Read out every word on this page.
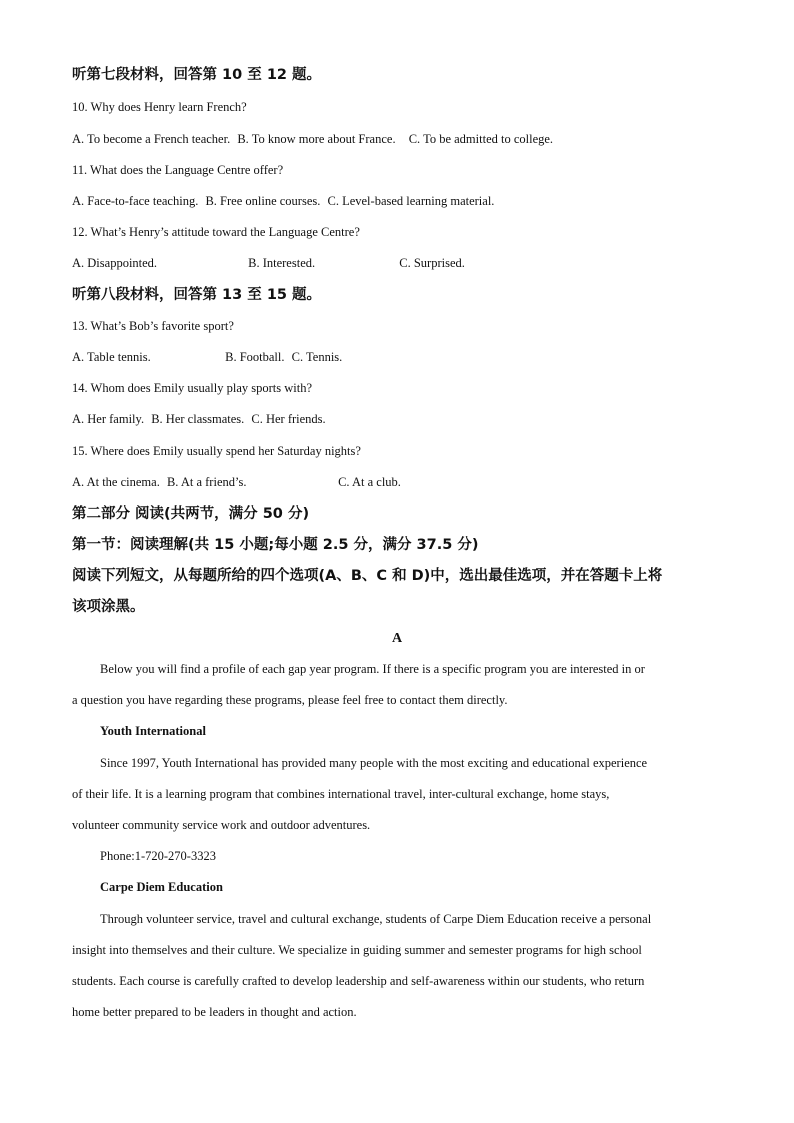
听第七段材料，回答第 10 至 12 题。
10. Why does Henry learn French?
A. To become a French teacher. B. To know more about France. C. To be admitted to college.
11. What does the Language Centre offer?
A. Face-to-face teaching. B. Free online courses. C. Level-based learning material.
12. What’s Henry’s attitude toward the Language Centre?
A. Disappointed.	B. Interested.	C. Surprised.
听第八段材料，回答第 13 至 15 题。
13. What’s Bob’s favorite sport?
A. Table tennis.	B. Football. C. Tennis.
14. Whom does Emily usually play sports with?
A. Her family. B. Her classmates. C. Her friends.
15. Where does Emily usually spend her Saturday nights?
A. At the cinema. B. At a friend’s.	C. At a club.
第二部分 阅读(共两节，满分 50 分)
第一节：阅读理解(共 15 小题;每小题 2.5 分，满分 37.5 分)
阅读下列短文，从每题所给的四个选项(A、B、C 和 D)中，选出最佳选项，并在答题卡上将
该项涂黑。
A
Below you will find a profile of each gap year program. If there is a specific program you are interested in or
a question you have regarding these programs, please feel free to contact them directly.
Youth International
Since 1997, Youth International has provided many people with the most exciting and educational experience
of their life. It is a learning program that combines international travel, inter-cultural exchange, home stays,
volunteer community service work and outdoor adventures.
Phone:1-720-270-3323
Carpe Diem Education
Through volunteer service, travel and cultural exchange, students of Carpe Diem Education receive a personal
insight into themselves and their culture. We specialize in guiding summer and semester programs for high school
students. Each course is carefully crafted to develop leadership and self-awareness within our students, who return
home better prepared to be leaders in thought and action.
